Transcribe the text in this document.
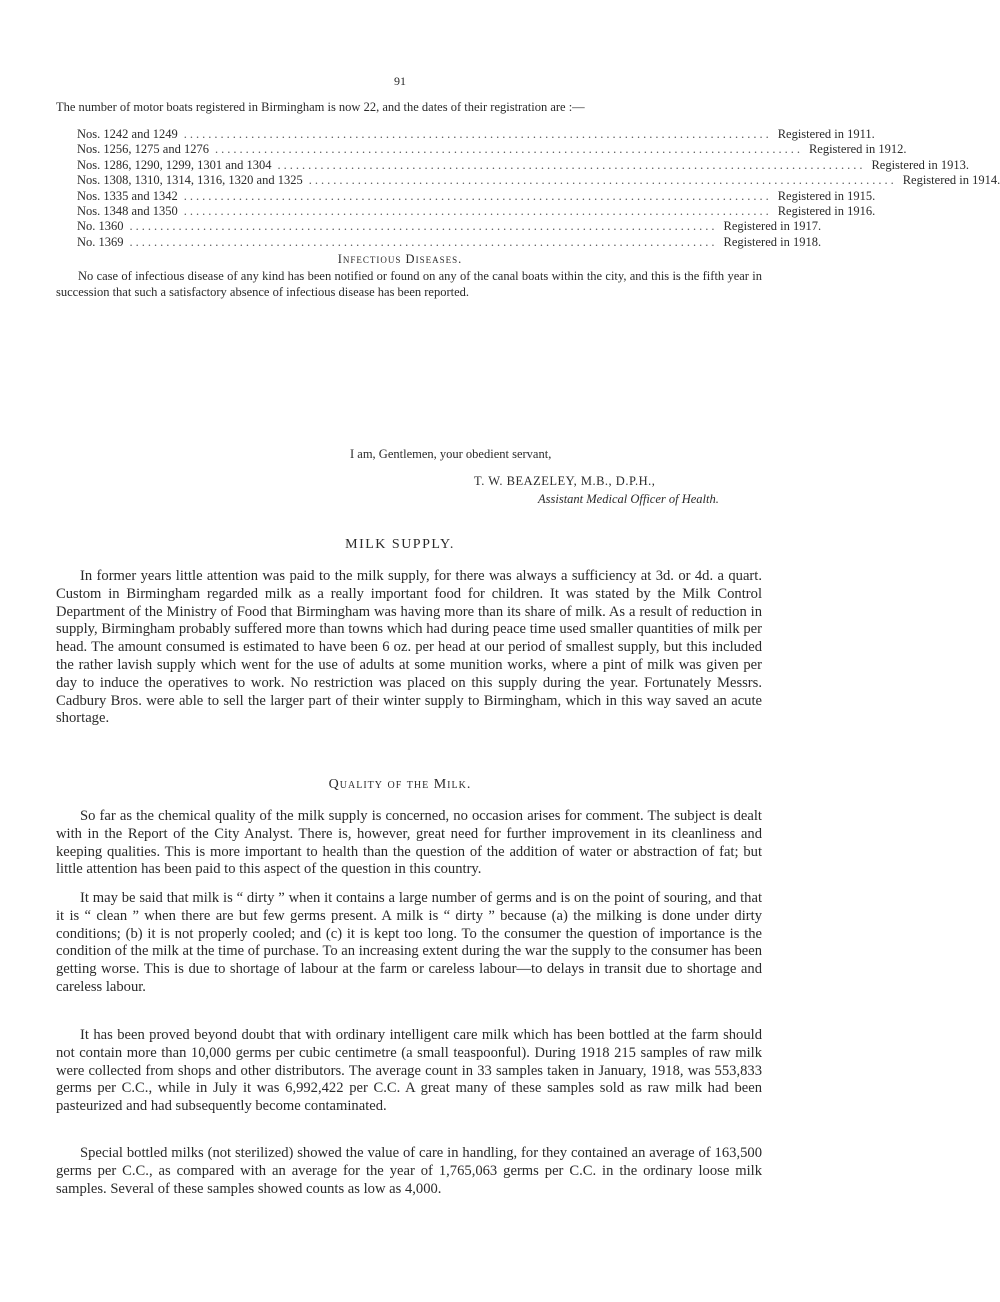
91
The number of motor boats registered in Birmingham is now 22, and the dates of their registration are :—
Nos. 1242 and 1249 ................................................................................................ Registered in 1911.
Nos. 1256, 1275 and 1276 ................................................................................................ Registered in 1912.
Nos. 1286, 1290, 1299, 1301 and 1304 ................................................................................................ Registered in 1913.
Nos. 1308, 1310, 1314, 1316, 1320 and 1325 ................................................................................................ Registered in 1914.
Nos. 1335 and 1342 ................................................................................................ Registered in 1915.
Nos. 1348 and 1350 ................................................................................................ Registered in 1916.
No. 1360 ................................................................................................ Registered in 1917.
No. 1369 ................................................................................................ Registered in 1918.
Infectious Diseases.
No case of infectious disease of any kind has been notified or found on any of the canal boats within the city, and this is the fifth year in succession that such a satisfactory absence of infectious disease has been reported.
I am, Gentlemen, your obedient servant,
T. W. BEAZELEY, M.B., D.P.H.,
Assistant Medical Officer of Health.
MILK SUPPLY.
In former years little attention was paid to the milk supply, for there was always a sufficiency at 3d. or 4d. a quart. Custom in Birmingham regarded milk as a really important food for children. It was stated by the Milk Control Department of the Ministry of Food that Birmingham was having more than its share of milk. As a result of reduction in supply, Birmingham probably suffered more than towns which had during peace time used smaller quantities of milk per head. The amount consumed is estimated to have been 6 oz. per head at our period of smallest supply, but this included the rather lavish supply which went for the use of adults at some munition works, where a pint of milk was given per day to induce the operatives to work. No restriction was placed on this supply during the year. Fortunately Messrs. Cadbury Bros. were able to sell the larger part of their winter supply to Birmingham, which in this way saved an acute shortage.
Quality of the Milk.
So far as the chemical quality of the milk supply is concerned, no occasion arises for comment. The subject is dealt with in the Report of the City Analyst. There is, however, great need for further improvement in its cleanliness and keeping qualities. This is more important to health than the question of the addition of water or abstraction of fat; but little attention has been paid to this aspect of the question in this country.
It may be said that milk is “ dirty ” when it contains a large number of germs and is on the point of souring, and that it is “ clean ” when there are but few germs present. A milk is “ dirty ” because (a) the milking is done under dirty conditions; (b) it is not properly cooled; and (c) it is kept too long. To the consumer the question of importance is the condition of the milk at the time of purchase. To an increasing extent during the war the supply to the consumer has been getting worse. This is due to shortage of labour at the farm or careless labour—to delays in transit due to shortage and careless labour.
It has been proved beyond doubt that with ordinary intelligent care milk which has been bottled at the farm should not contain more than 10,000 germs per cubic centimetre (a small teaspoonful). During 1918 215 samples of raw milk were collected from shops and other distributors. The average count in 33 samples taken in January, 1918, was 553,833 germs per C.C., while in July it was 6,992,422 per C.C. A great many of these samples sold as raw milk had been pasteurized and had subsequently become contaminated.
Special bottled milks (not sterilized) showed the value of care in handling, for they contained an average of 163,500 germs per C.C., as compared with an average for the year of 1,765,063 germs per C.C. in the ordinary loose milk samples. Several of these samples showed counts as low as 4,000.
